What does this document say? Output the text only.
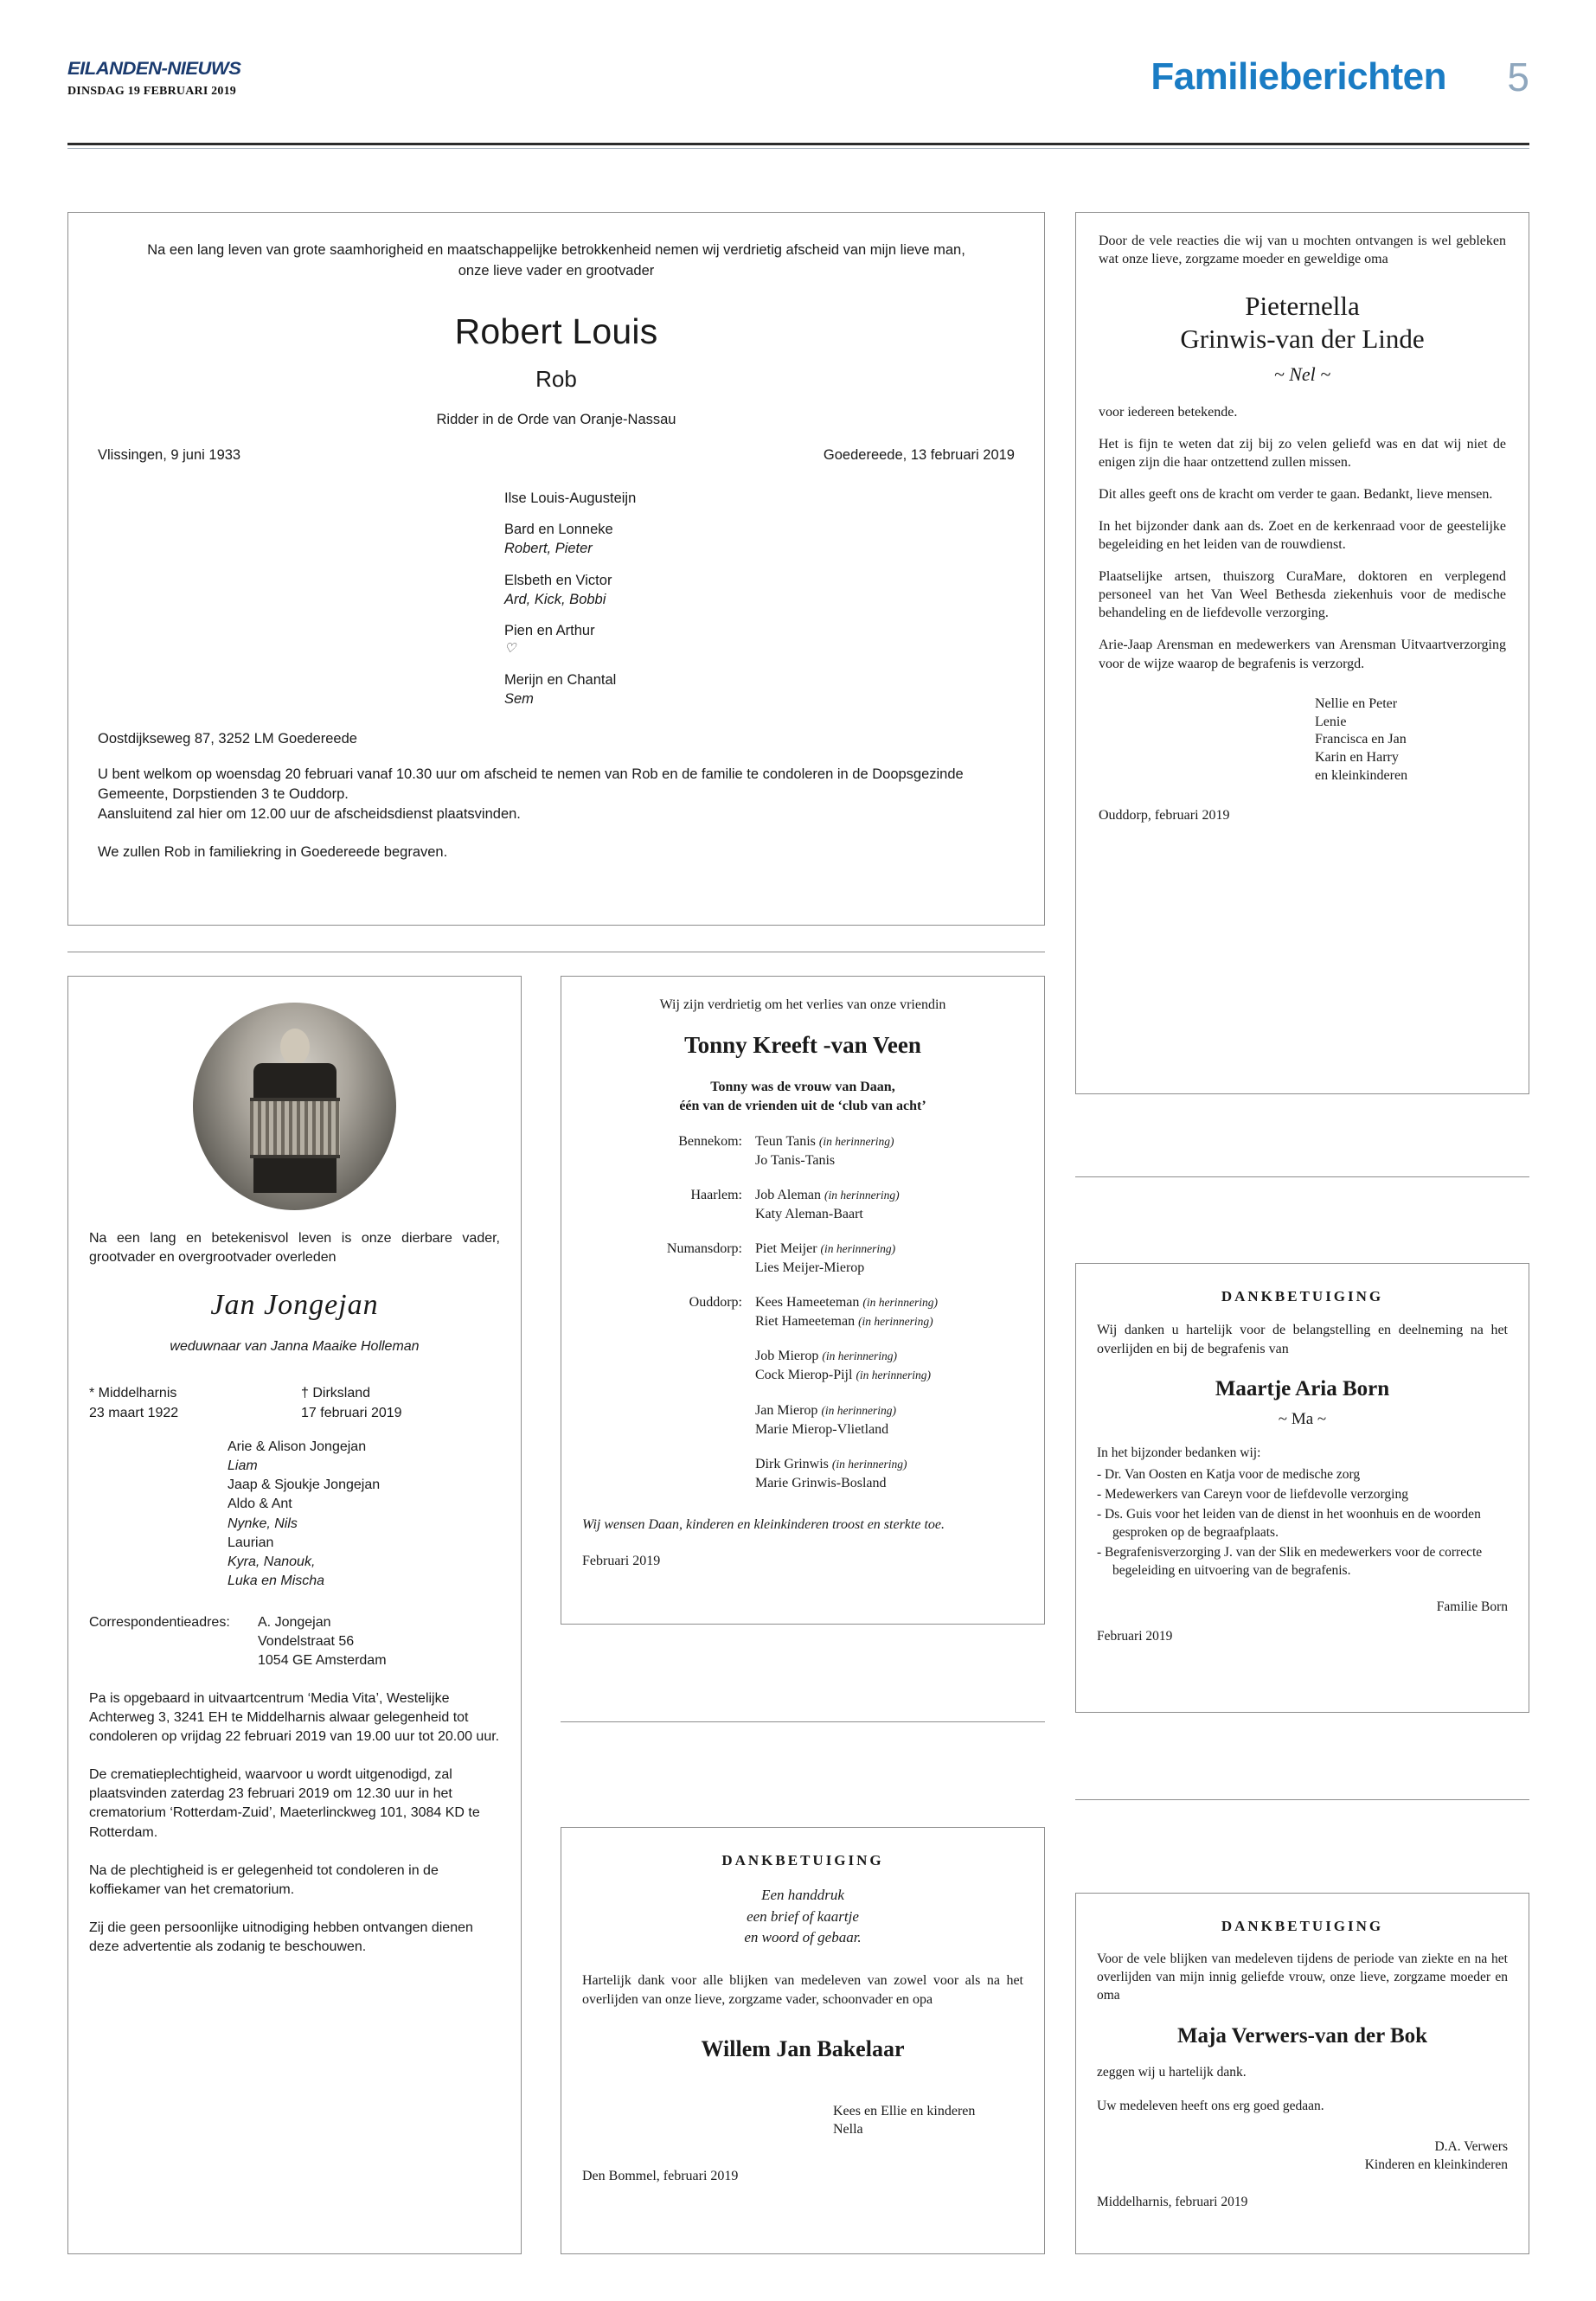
EILANDEN-NIEUWS
DINSDAG 19 FEBRUARI 2019	Familieberichten 5
Na een lang leven van grote saamhorigheid en maatschappelijke betrokkenheid nemen wij verdrietig afscheid van mijn lieve man, onze lieve vader en grootvader
Robert Louis
Rob
Ridder in de Orde van Oranje-Nassau
Vlissingen, 9 juni 1933	Goedereede, 13 februari 2019
Ilse Louis-Augusteijn
Bard en Lonneke
Robert, Pieter
Elsbeth en Victor
Ard, Kick, Bobbi
Pien en Arthur
♡
Merijn en Chantal
Sem
Oostdijkseweg 87, 3252 LM Goedereede
U bent welkom op woensdag 20 februari vanaf 10.30 uur om afscheid te nemen van Rob en de familie te condoleren in de Doopsgezinde Gemeente, Dorpstienden 3 te Ouddorp.
Aansluitend zal hier om 12.00 uur de afscheidsdienst plaatsvinden.
We zullen Rob in familiekring in Goedereede begraven.

Door de vele reacties die wij van u mochten ontvangen is wel gebleken wat onze lieve, zorgzame moeder en geweldige oma

Pieternella
Grinwis-van der Linde
~ Nel ~

voor iedereen betekende.

Het is fijn te weten dat zij bij zo velen geliefd was en dat wij niet de enigen zijn die haar ontzettend zullen missen.

Dit alles geeft ons de kracht om verder te gaan. Bedankt, lieve mensen.

In het bijzonder dank aan ds. Zoet en de kerkenraad voor de geestelijke begeleiding en het leiden van de rouwdienst.

Plaatselijke artsen, thuiszorg CuraMare, doktoren en verplegend personeel van het Van Weel Bethesda ziekenhuis voor de medische behandeling en de liefdevolle verzorging.

Arie-Jaap Arensman en medewerkers van Arensman Uitvaartverzorging voor de wijze waarop de begrafenis is verzorgd.

Nellie en Peter
Lenie
Francisca en Jan
Karin en Harry
en kleinkinderen
Ouddorp, februari 2019
Na een lang en betekenisvol leven is onze dierbare vader, grootvader en overgrootvader overleden
Jan Jongejan
weduwnaar van Janna Maaike Holleman
* Middelharnis
23 maart 1922
† Dirksland
17 februari 2019
Arie & Alison Jongejan
Liam
Jaap & Sjoukje Jongejan
Aldo & Ant
Nynke, Nils
Laurian
Kyra, Nanouk,
Luka en Mischa
Correspondentieadres: A. Jongejan
Vondelstraat 56
1054 GE Amsterdam
Pa is opgebaard in uitvaartcentrum ‘Media Vita’, Westelijke Achterweg 3, 3241 EH te Middelharnis alwaar gelegenheid tot condoleren op vrijdag 22 februari 2019 van 19.00 uur tot 20.00 uur.
De crematieplechtigheid, waarvoor u wordt uitgenodigd, zal plaatsvinden zaterdag 23 februari 2019 om 12.30 uur in het crematorium ‘Rotterdam-Zuid’, Maeterlinckweg 101, 3084 KD te Rotterdam.
Na de plechtigheid is er gelegenheid tot condoleren in de koffiekamer van het crematorium.
Zij die geen persoonlijke uitnodiging hebben ontvangen dienen deze advertentie als zodanig te beschouwen.
Wij zijn verdrietig om het verlies van onze vriendin
Tonny Kreeft -van Veen
Tonny was de vrouw van Daan,
één van de vrienden uit de ‘club van acht’
Bennekom: Teun Tanis (in herinnering)
Jo Tanis-Tanis
Haarlem: Job Aleman (in herinnering)
Katy Aleman-Baart
Numansdorp: Piet Meijer (in herinnering)
Lies Meijer-Mierop
Ouddorp: Kees Hameeteman (in herinnering)
Riet Hameeteman (in herinnering)
Job Mierop (in herinnering)
Cock Mierop-Pijl (in herinnering)
Jan Mierop (in herinnering)
Marie Mierop-Vlietland
Dirk Grinwis (in herinnering)
Marie Grinwis-Bosland
Wij wensen Daan, kinderen en kleinkinderen troost en sterkte toe.
Februari 2019
DANKBETUIGING
Wij danken u hartelijk voor de belangstelling en deelneming na het overlijden en bij de begrafenis van
Maartje Aria Born
~ Ma ~
In het bijzonder bedanken wij:
- Dr. Van Oosten en Katja voor de medische zorg
- Medewerkers van Careyn voor de liefdevolle verzorging
- Ds. Guis voor het leiden van de dienst in het woonhuis en de woorden gesproken op de begraafplaats.
- Begrafenisverzorging J. van der Slik en medewerkers voor de correcte begeleiding en uitvoering van de begrafenis.
Familie Born
Februari 2019
DANKBETUIGING
Een handdruk
een brief of kaartje
en woord of gebaar.
Hartelijk dank voor alle blijken van medeleven van zowel voor als na het overlijden van onze lieve, zorgzame vader, schoonvader en opa
Willem Jan Bakelaar
Kees en Ellie en kinderen
Nella
Den Bommel, februari 2019
DANKBETUIGING
Voor de vele blijken van medeleven tijdens de periode van ziekte en na het overlijden van mijn innig geliefde vrouw, onze lieve, zorgzame moeder en oma
Maja Verwers-van der Bok
zeggen wij u hartelijk dank.
Uw medeleven heeft ons erg goed gedaan.
D.A. Verwers
Kinderen en kleinkinderen
Middelharnis, februari 2019
